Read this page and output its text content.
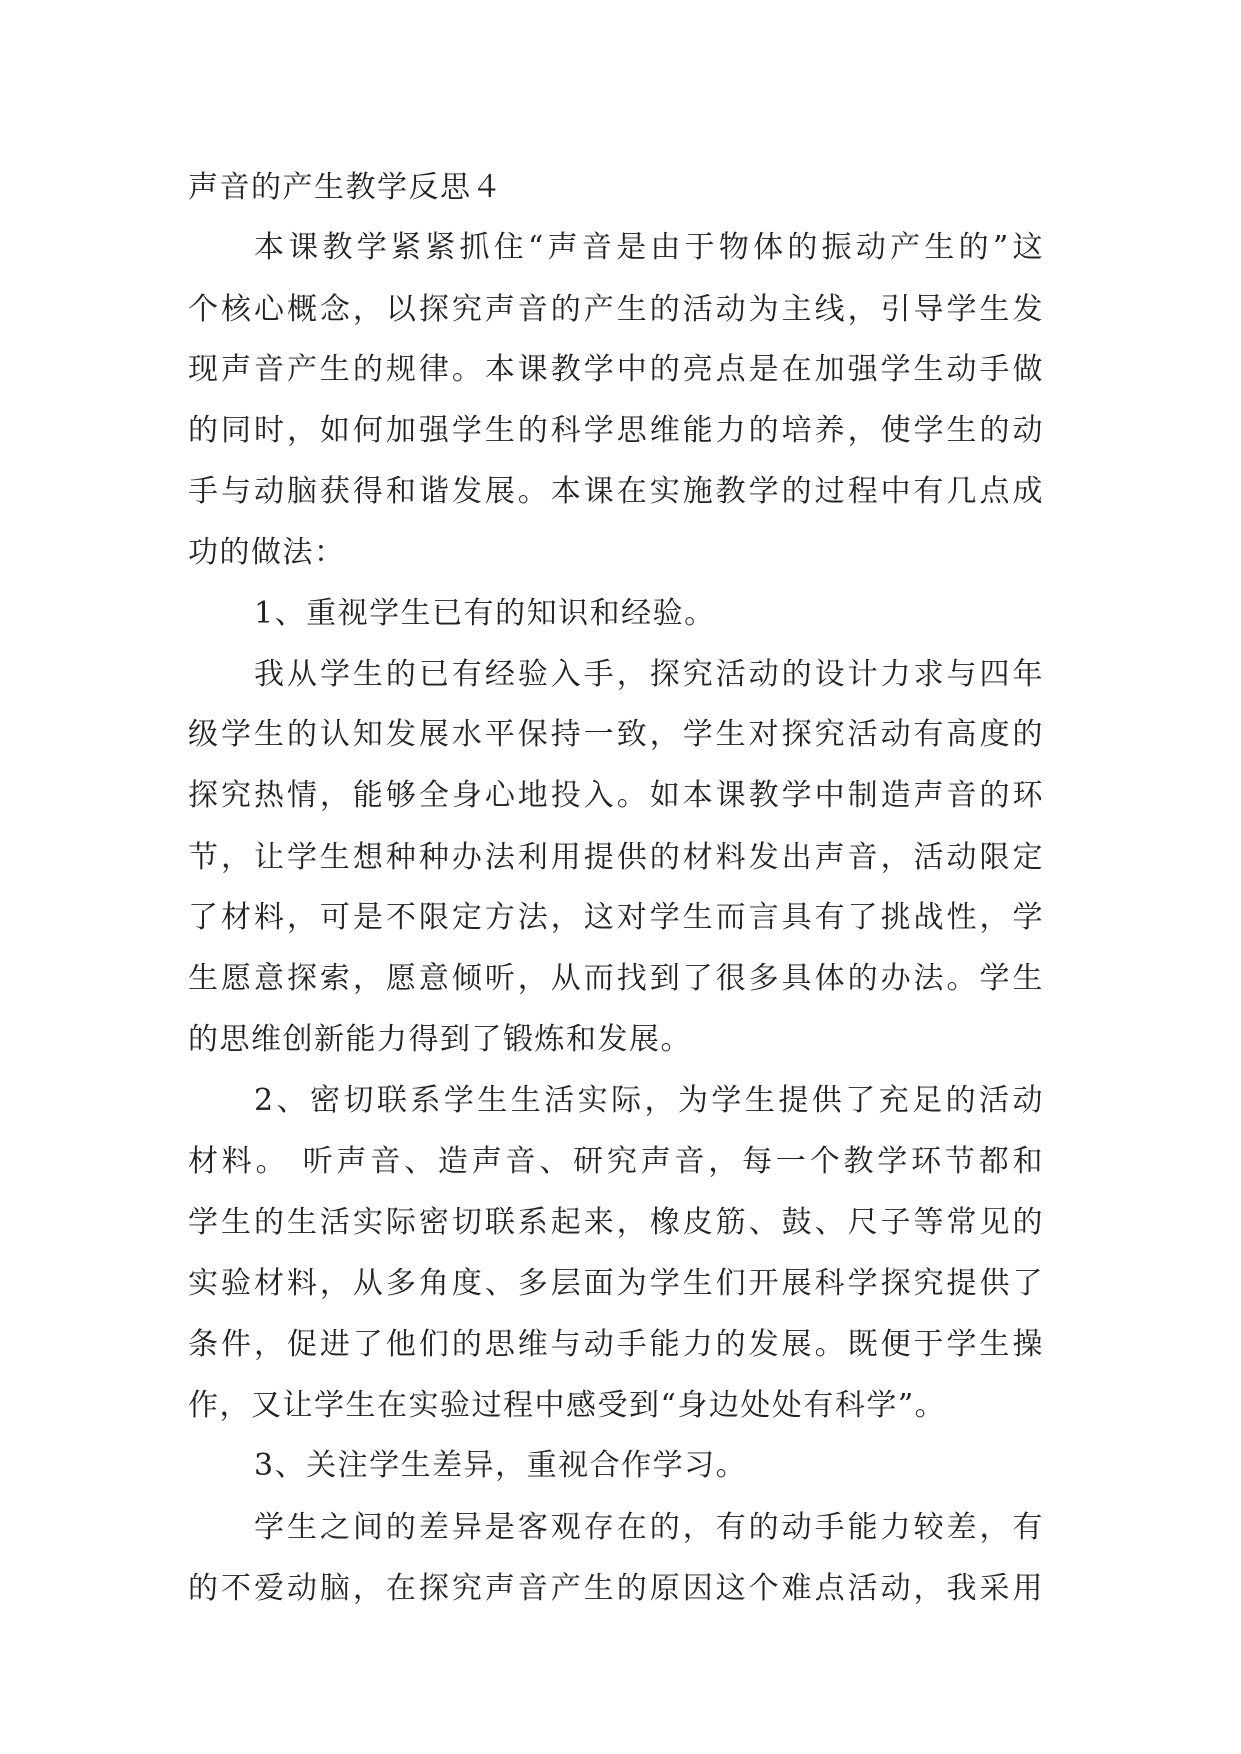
声音的产生教学反思４
本课教学紧紧抓住“声音是由于物体的振动产生的”这
个核心概念，以探究声音的产生的活动为主线，引导学生发
现声音产生的规律。本课教学中的亮点是在加强学生动手做
的同时，如何加强学生的科学思维能力的培养，使学生的动
手与动脑获得和谐发展。本课在实施教学的过程中有几点成
功的做法：
1、重视学生已有的知识和经验。
我从学生的已有经验入手，探究活动的设计力求与四年
级学生的认知发展水平保持一致，学生对探究活动有高度的
探究热情，能够全身心地投入。如本课教学中制造声音的环
节，让学生想种种办法利用提供的材料发出声音，活动限定
了材料，可是不限定方法，这对学生而言具有了挑战性，学
生愿意探索，愿意倾听，从而找到了很多具体的办法。学生
的思维创新能力得到了锻炼和发展。
2、密切联系学生生活实际，为学生提供了充足的活动
材料。 听声音、造声音、研究声音，每一个教学环节都和
学生的生活实际密切联系起来，橡皮筋、鼓、尺子等常见的
实验材料，从多角度、多层面为学生们开展科学探究提供了
条件，促进了他们的思维与动手能力的发展。既便于学生操
作，又让学生在实验过程中感受到“身边处处有科学”。
3、关注学生差异，重视合作学习。
学生之间的差异是客观存在的，有的动手能力较差，有
的不爱动脑，在探究声音产生的原因这个难点活动，我采用
